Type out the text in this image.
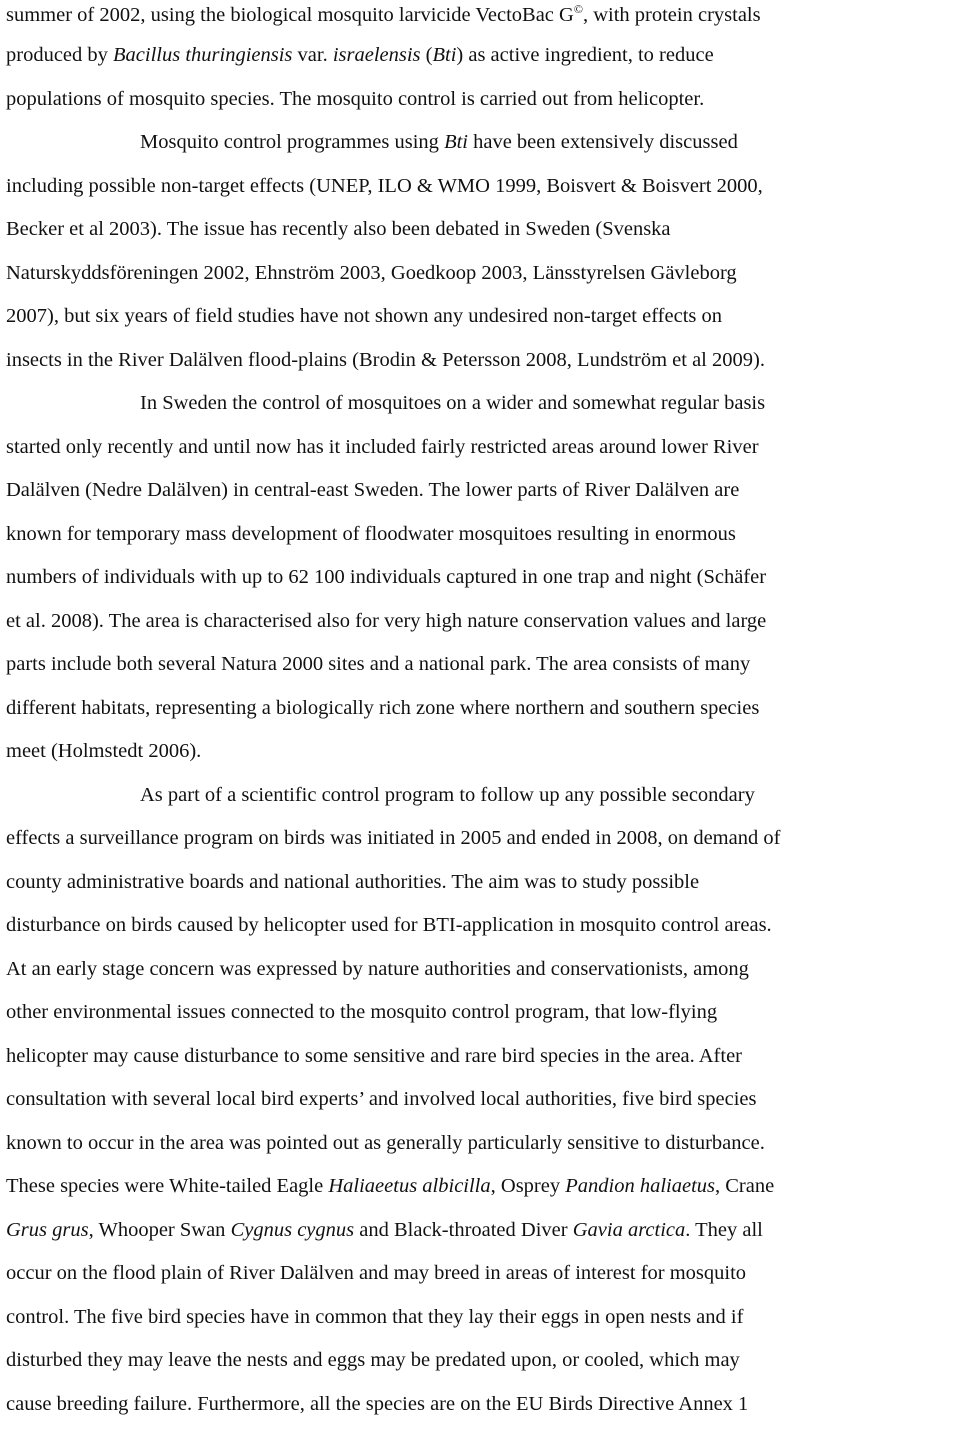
summer of 2002, using the biological mosquito larvicide VectoBac G©, with protein crystals
produced by Bacillus thuringiensis var. israelensis (Bti) as active ingredient, to reduce
populations of mosquito species. The mosquito control is carried out from helicopter.
Mosquito control programmes using Bti have been extensively discussed
including possible non-target effects (UNEP, ILO & WMO 1999, Boisvert & Boisvert 2000,
Becker et al 2003). The issue has recently also been debated in Sweden (Svenska
Naturskyddsföreningen 2002, Ehnström 2003, Goedkoop 2003, Länsstyrelsen Gävleborg
2007), but six years of field studies have not shown any undesired non-target effects on
insects in the River Dalälven flood-plains (Brodin & Petersson 2008, Lundström et al 2009).
In Sweden the control of mosquitoes on a wider and somewhat regular basis
started only recently and until now has it included fairly restricted areas around lower River
Dalälven (Nedre Dalälven) in central-east Sweden. The lower parts of River Dalälven are
known for temporary mass development of floodwater mosquitoes resulting in enormous
numbers of individuals with up to 62 100 individuals captured in one trap and night (Schäfer
et al. 2008). The area is characterised also for very high nature conservation values and large
parts include both several Natura 2000 sites and a national park. The area consists of many
different habitats, representing a biologically rich zone where northern and southern species
meet (Holmstedt 2006).
As part of a scientific control program to follow up any possible secondary
effects a surveillance program on birds was initiated in 2005 and ended in 2008, on demand of
county administrative boards and national authorities. The aim was to study possible
disturbance on birds caused by helicopter used for BTI-application in mosquito control areas.
At an early stage concern was expressed by nature authorities and conservationists, among
other environmental issues connected to the mosquito control program, that low-flying
helicopter may cause disturbance to some sensitive and rare bird species in the area. After
consultation with several local bird experts’ and involved local authorities, five bird species
known to occur in the area was pointed out as generally particularly sensitive to disturbance.
These species were White-tailed Eagle Haliaeetus albicilla, Osprey Pandion haliaetus, Crane
Grus grus, Whooper Swan Cygnus cygnus and Black-throated Diver Gavia arctica. They all
occur on the flood plain of River Dalälven and may breed in areas of interest for mosquito
control. The five bird species have in common that they lay their eggs in open nests and if
disturbed they may leave the nests and eggs may be predated upon, or cooled, which may
cause breeding failure. Furthermore, all the species are on the EU Birds Directive Annex 1
